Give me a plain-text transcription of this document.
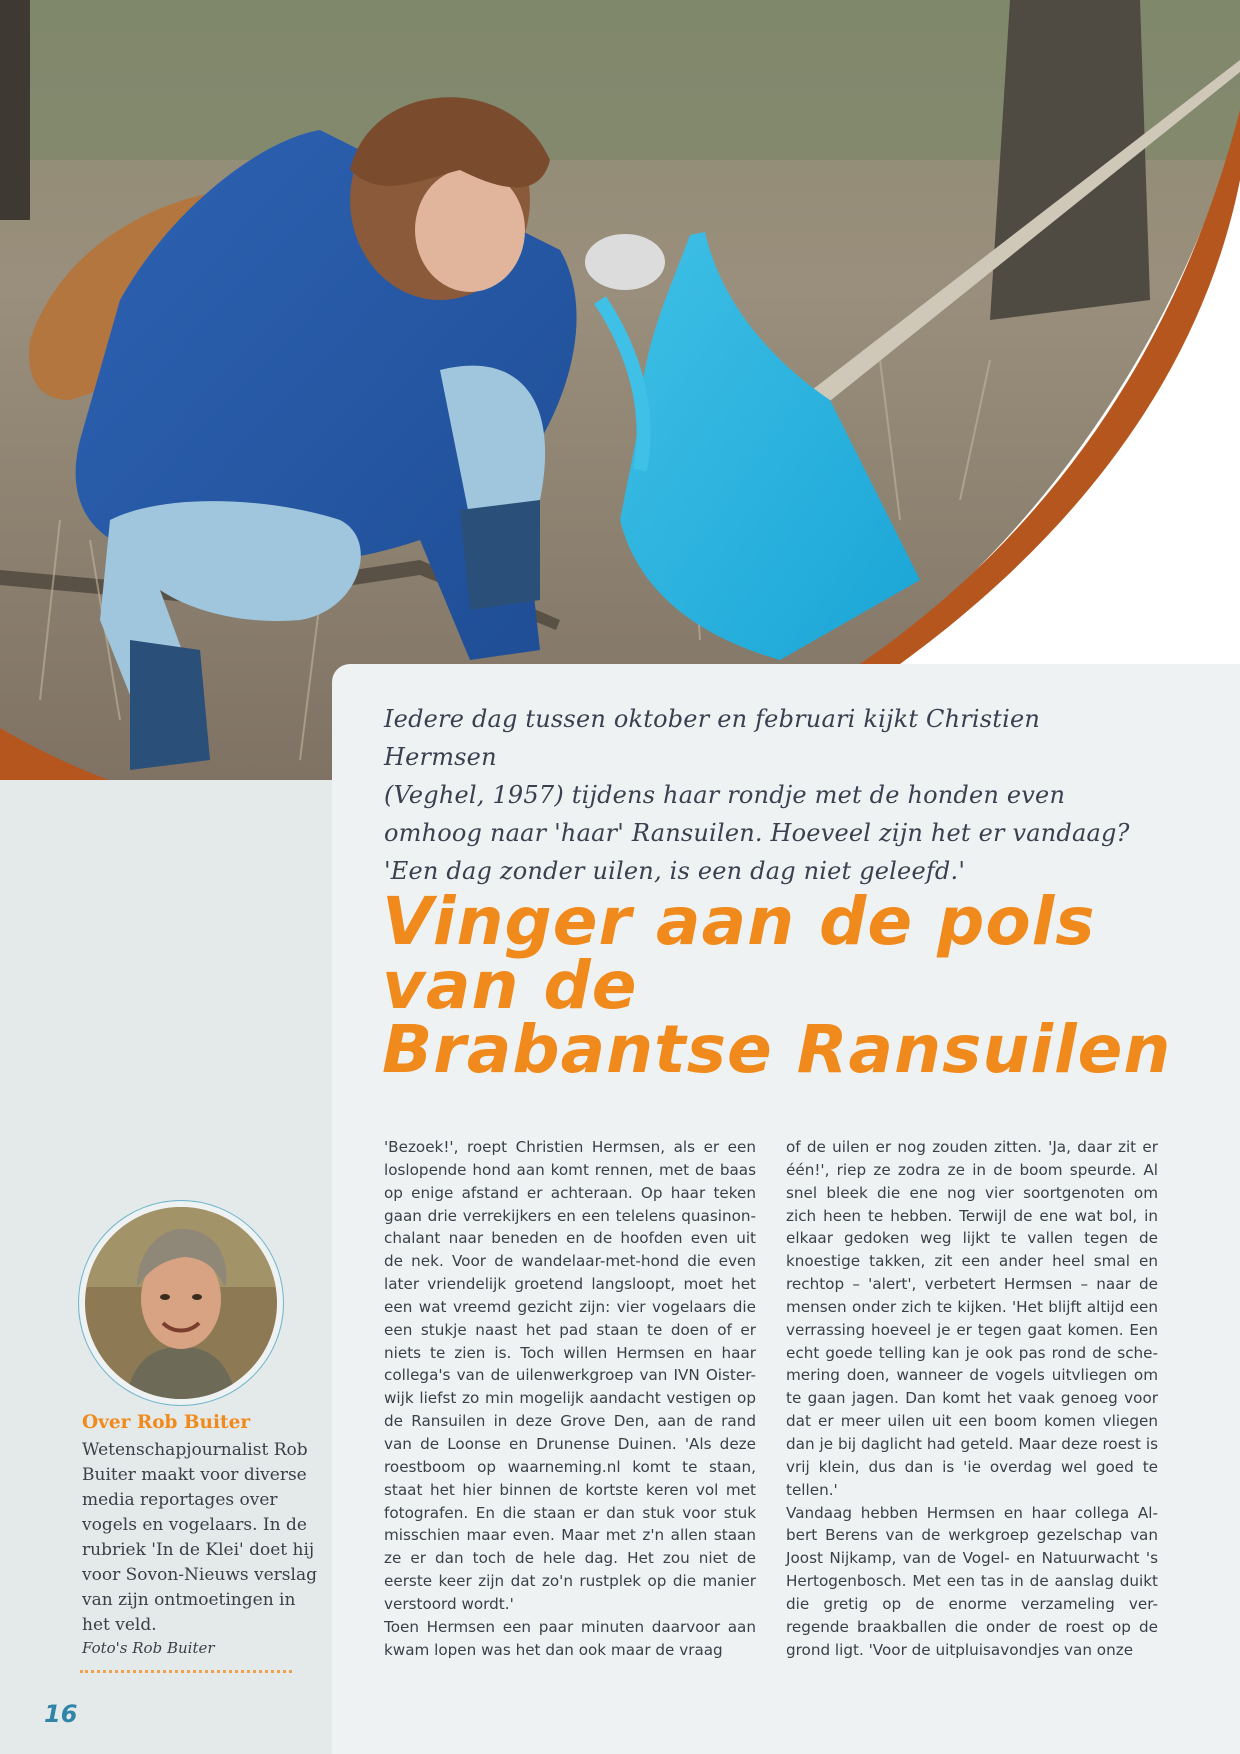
Iedere dag tussen oktober en februari kijkt Christien Hermsen

(Veghel, 1957) tijdens haar rondje met de honden even

omhoog naar 'haar' Ransuilen. Hoeveel zijn het er vandaag?

'Een dag zonder uilen, is een dag niet geleefd.'

Vinger aan de pols
van de
Brabantse Ransuilen

'Bezoek!', roept Christien Hermsen, als er een loslopende hond aan komt rennen, met de baas op enige afstand er achteraan. Op haar teken gaan drie verrekijkers en een telelens quasinon-chalant naar beneden en de hoofden even uit de nek. Voor de wandelaar-met-hond die even later vriendelijk groetend langsloopt, moet het een wat vreemd gezicht zijn: vier vogelaars die een stukje naast het pad staan te doen of er niets te zien is. Toch willen Hermsen en haar collega's van de uilenwerkgroep van IVN Oister-wijk liefst zo min mogelijk aandacht vestigen op de Ransuilen in deze Grove Den, aan de rand van de Loonse en Drunense Duinen. 'Als deze roestboom op waarneming.nl komt te staan, staat het hier binnen de kortste keren vol met fotografen. En die staan er dan stuk voor stuk misschien maar even. Maar met z'n allen staan ze er dan toch de hele dag. Het zou niet de eerste keer zijn dat zo'n rustplek op die manier verstoord wordt.'

Toen Hermsen een paar minuten daarvoor aan kwam lopen was het dan ook maar de vraag

of de uilen er nog zouden zitten. 'Ja, daar zit er één!', riep ze zodra ze in de boom speurde. Al snel bleek die ene nog vier soortgenoten om zich heen te hebben. Terwijl de ene wat bol, in elkaar gedoken weg lijkt te vallen tegen de knoestige takken, zit een ander heel smal en rechtop – 'alert', verbetert Hermsen – naar de mensen onder zich te kijken. 'Het blijft altijd een verrassing hoeveel je er tegen gaat komen. Een echt goede telling kan je ook pas rond de sche-mering doen, wanneer de vogels uitvliegen om te gaan jagen. Dan komt het vaak genoeg voor dat er meer uilen uit een boom komen vliegen dan je bij daglicht had geteld. Maar deze roest is vrij klein, dus dan is 'ie overdag wel goed te tellen.'

Vandaag hebben Hermsen en haar collega Al-bert Berens van de werkgroep gezelschap van Joost Nijkamp, van de Vogel- en Natuurwacht 's Hertogenbosch. Met een tas in de aanslag duikt die gretig op de enorme verzameling ver-regende braakballen die onder de roest op de grond ligt. 'Voor de uitpluisavondjes van onze

Over Rob Buiter

Wetenschapjournalist Rob Buiter maakt voor diverse media reportages over vogels en vogelaars. In de rubriek 'In de Klei' doet hij voor Sovon-Nieuws verslag van zijn ontmoetingen in het veld.

Foto's Rob Buiter
16
